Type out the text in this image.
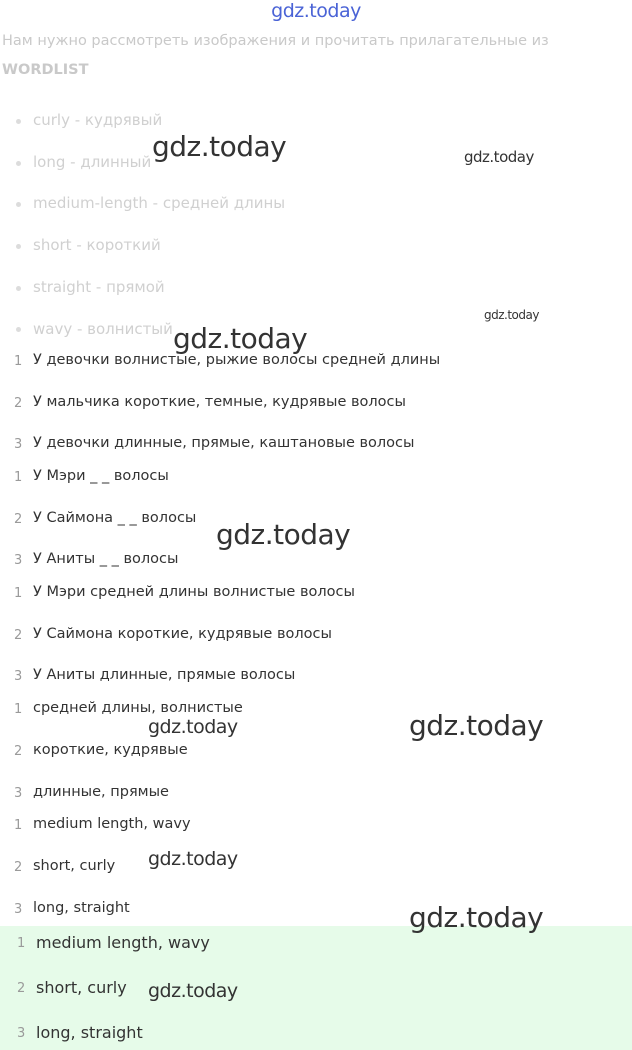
gdz.today
Нам нужно рассмотреть изображения и прочитать прилагательные из
WORDLIST
curly - кудрявый
long - длинный
medium-length - средней длины
short - короткий
straight - прямой
wavy - волнистый
1 У девочки волнистые, рыжие волосы средней длины
2 У мальчика короткие, темные, кудрявые волосы
3 У девочки длинные, прямые, каштановые волосы
1 У Мэри _ _ волосы
2 У Саймона _ _ волосы
3 У Аниты _ _ волосы
1 У Мэри средней длины волнистые волосы
2 У Саймона короткие, кудрявые волосы
3 У Аниты длинные, прямые волосы
1 средней длины, волнистые
2 короткие, кудрявые
3 длинные, прямые
1 medium length, wavy
2 short, curly
3 long, straight
1 medium length, wavy
2 short, curly
3 long, straight
gdz.today	gdz.today
gdz.today
gdz.today
gdz.today
gdz.today	gdz.today
gdz.today
gdz.today
gdz.today
